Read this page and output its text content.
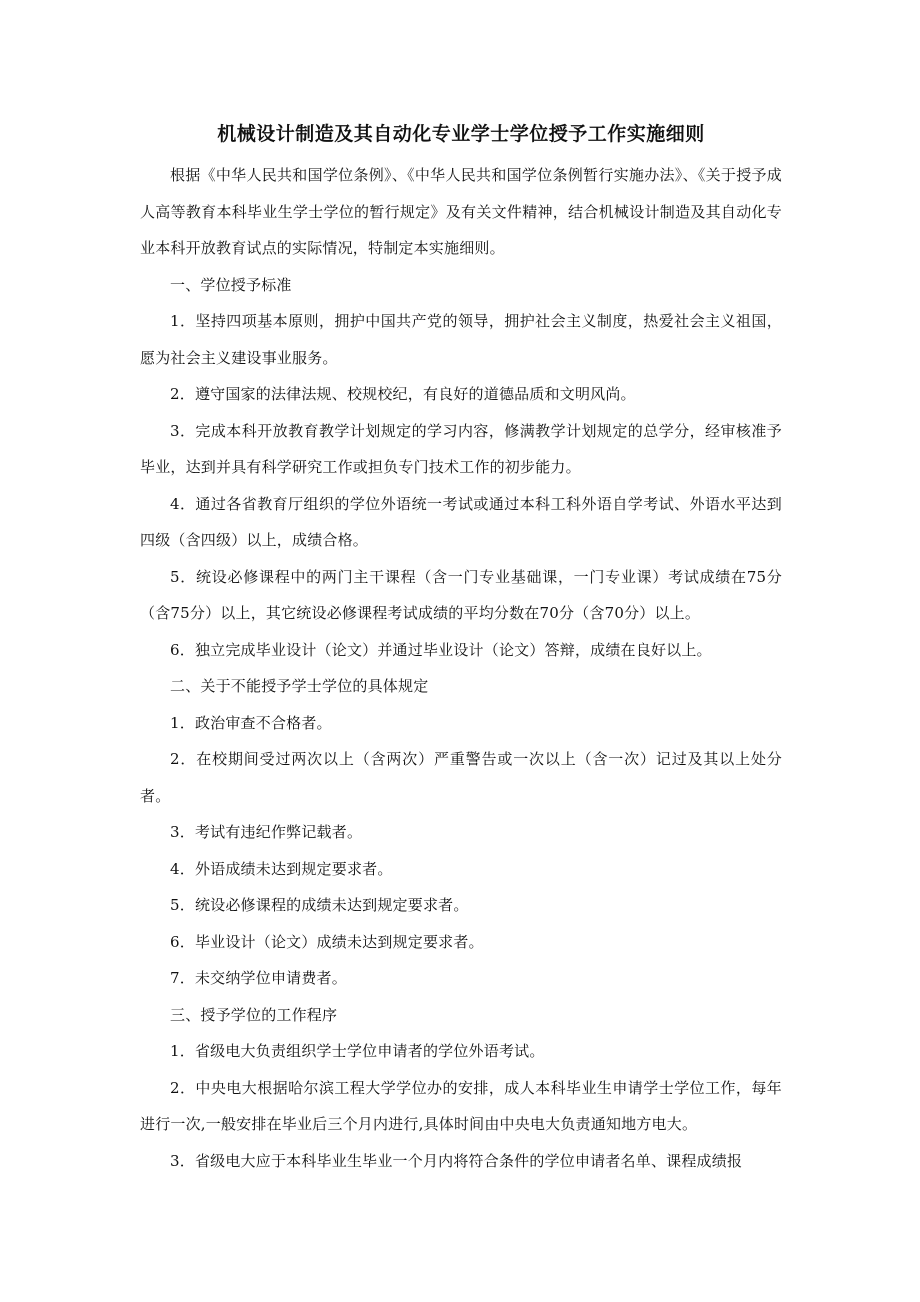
机械设计制造及其自动化专业学士学位授予工作实施细则

根据《中华人民共和国学位条例》、《中华人民共和国学位条例暂行实施办法》、《关于授予成人高等教育本科毕业生学士学位的暂行规定》及有关文件精神，结合机械设计制造及其自动化专业本科开放教育试点的实际情况，特制定本实施细则。

一、学位授予标准

1．坚持四项基本原则，拥护中国共产党的领导，拥护社会主义制度，热爱社会主义祖国，愿为社会主义建设事业服务。

2．遵守国家的法律法规、校规校纪，有良好的道德品质和文明风尚。

3．完成本科开放教育教学计划规定的学习内容，修满教学计划规定的总学分，经审核准予毕业，达到并具有科学研究工作或担负专门技术工作的初步能力。

4．通过各省教育厅组织的学位外语统一考试或通过本科工科外语自学考试、外语水平达到四级（含四级）以上，成绩合格。

5．统设必修课程中的两门主干课程（含一门专业基础课，一门专业课）考试成绩在75分（含75分）以上，其它统设必修课程考试成绩的平均分数在70分（含70分）以上。

6．独立完成毕业设计（论文）并通过毕业设计（论文）答辩，成绩在良好以上。

二、关于不能授予学士学位的具体规定

1．政治审查不合格者。

2．在校期间受过两次以上（含两次）严重警告或一次以上（含一次）记过及其以上处分者。

3．考试有违纪作弊记载者。

4．外语成绩未达到规定要求者。

5．统设必修课程的成绩未达到规定要求者。

6．毕业设计（论文）成绩未达到规定要求者。

7．未交纳学位申请费者。

三、授予学位的工作程序

1．省级电大负责组织学士学位申请者的学位外语考试。

2．中央电大根据哈尔滨工程大学学位办的安排，成人本科毕业生申请学士学位工作，每年进行一次,一般安排在毕业后三个月内进行,具体时间由中央电大负责通知地方电大。

3．省级电大应于本科毕业生毕业一个月内将符合条件的学位申请者名单、课程成绩报
